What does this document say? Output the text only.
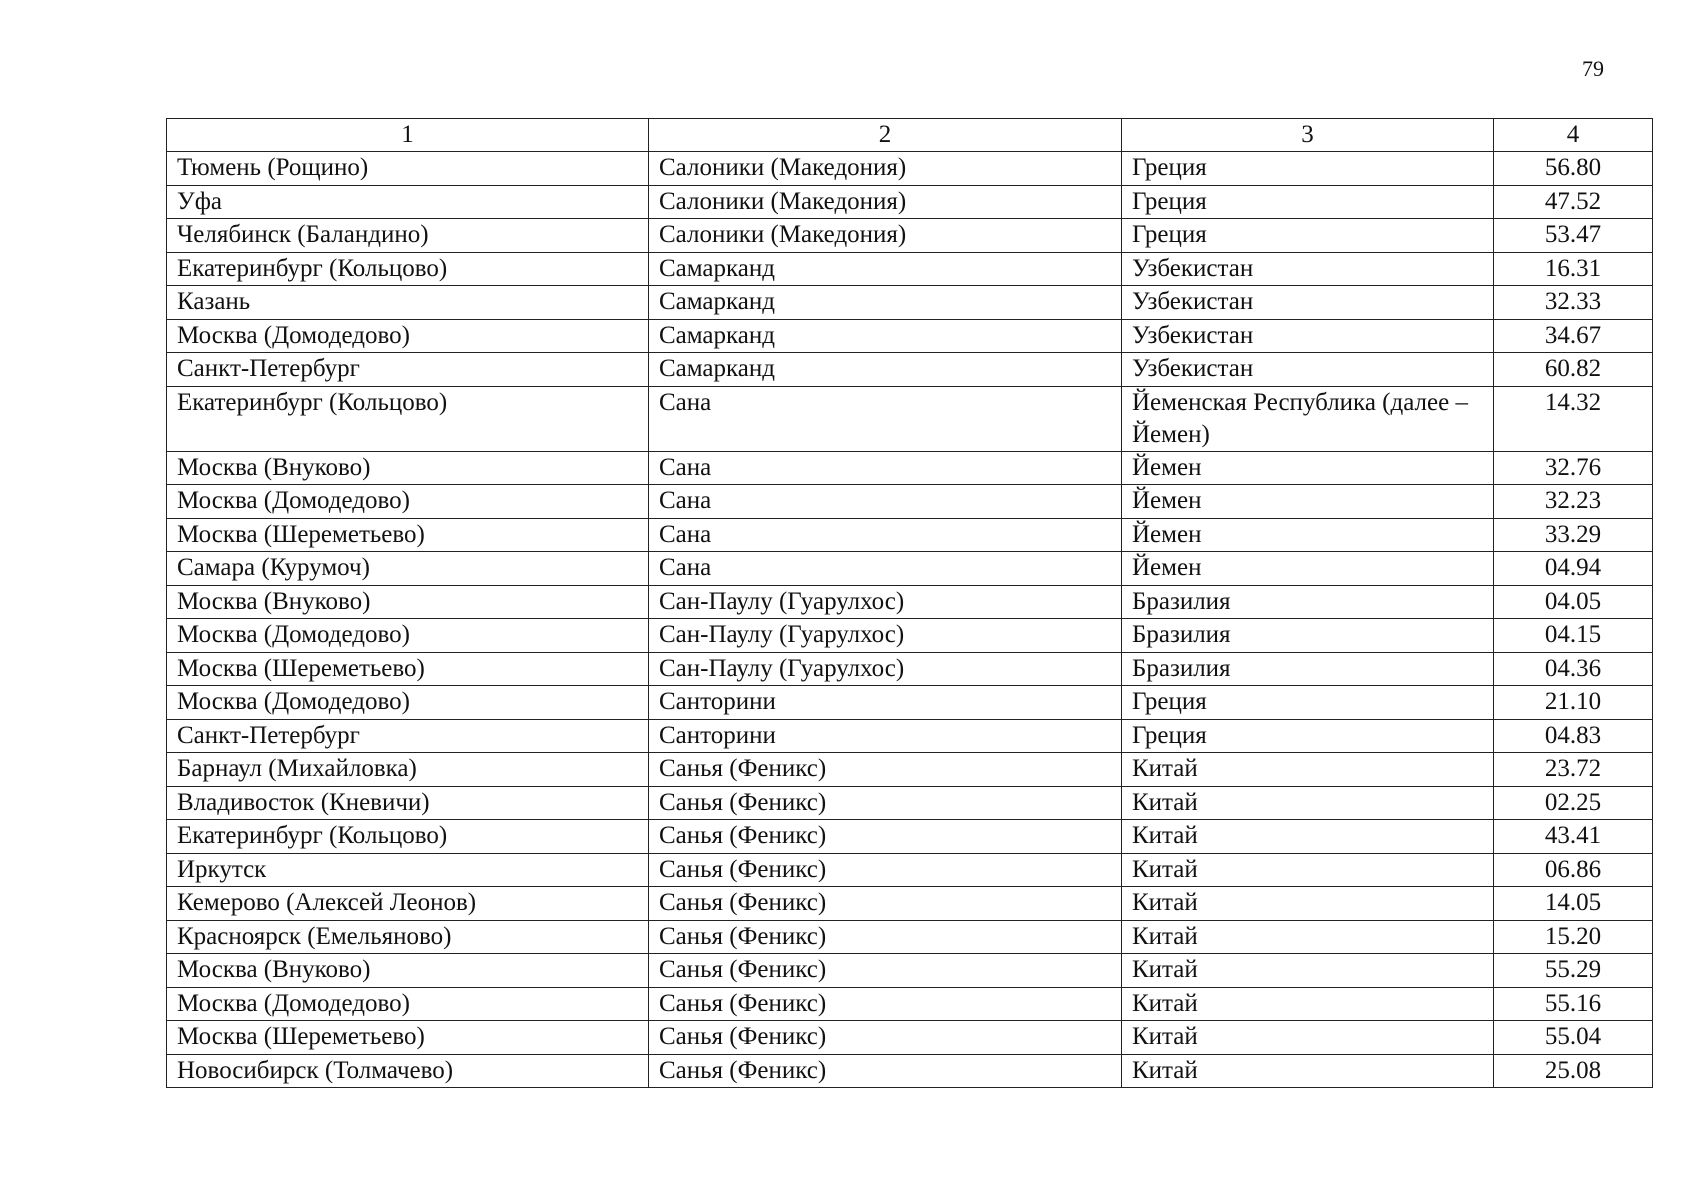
79
1	2	3	4
Тюмень (Рощино)	Салоники (Македония)	Греция	56.80
Уфа	Салоники (Македония)	Греция	47.52
Челябинск (Баландино)	Салоники (Македония)	Греция	53.47
Екатеринбург (Кольцово)	Самарканд	Узбекистан	16.31
Казань	Самарканд	Узбекистан	32.33
Москва (Домодедово)	Самарканд	Узбекистан	34.67
Санкт-Петербург	Самарканд	Узбекистан	60.82
Екатеринбург (Кольцово)	Сана	Йеменская Республика (далее – Йемен)	14.32
Москва (Внуково)	Сана	Йемен	32.76
Москва (Домодедово)	Сана	Йемен	32.23
Москва (Шереметьево)	Сана	Йемен	33.29
Самара (Курумоч)	Сана	Йемен	04.94
Москва (Внуково)	Сан-Паулу (Гуарулхос)	Бразилия	04.05
Москва (Домодедово)	Сан-Паулу (Гуарулхос)	Бразилия	04.15
Москва (Шереметьево)	Сан-Паулу (Гуарулхос)	Бразилия	04.36
Москва (Домодедово)	Санторини	Греция	21.10
Санкт-Петербург	Санторини	Греция	04.83
Барнаул (Михайловка)	Санья (Феникс)	Китай	23.72
Владивосток (Кневичи)	Санья (Феникс)	Китай	02.25
Екатеринбург (Кольцово)	Санья (Феникс)	Китай	43.41
Иркутск	Санья (Феникс)	Китай	06.86
Кемерово (Алексей Леонов)	Санья (Феникс)	Китай	14.05
Красноярск (Емельяново)	Санья (Феникс)	Китай	15.20
Москва (Внуково)	Санья (Феникс)	Китай	55.29
Москва (Домодедово)	Санья (Феникс)	Китай	55.16
Москва (Шереметьево)	Санья (Феникс)	Китай	55.04
Новосибирск (Толмачево)	Санья (Феникс)	Китай	25.08
